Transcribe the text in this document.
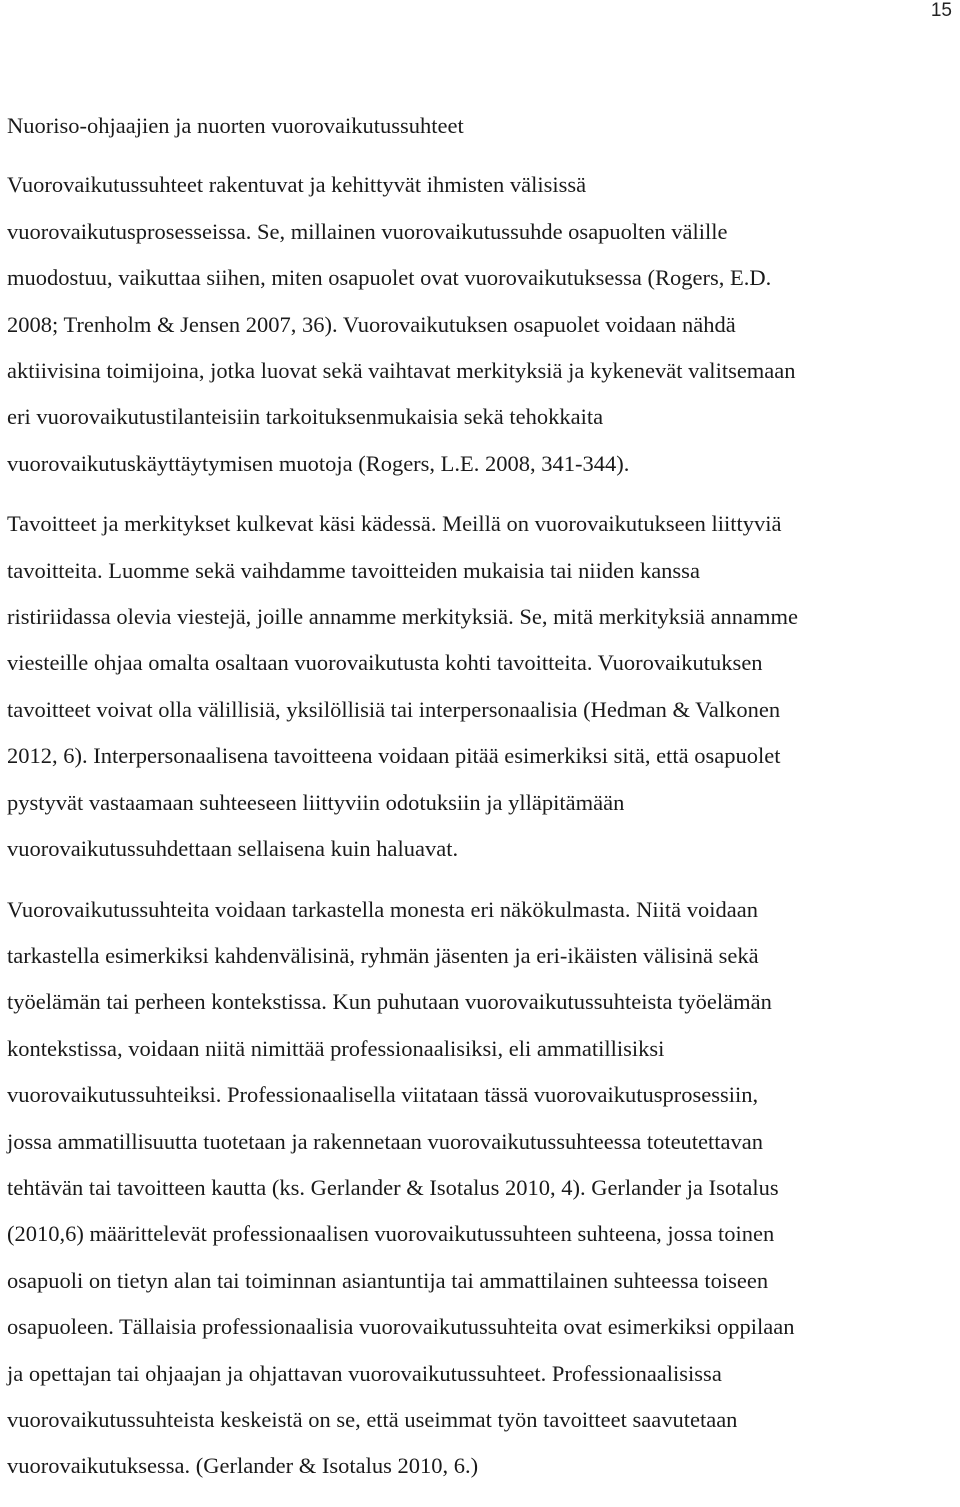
15
Nuoriso-ohjaajien ja nuorten vuorovaikutussuhteet

Vuorovaikutussuhteet rakentuvat ja kehittyvät ihmisten välisissä
vuorovaikutusprosesseissa. Se, millainen vuorovaikutussuhde osapuolten välille
muodostuu, vaikuttaa siihen, miten osapuolet ovat vuorovaikutuksessa (Rogers, E.D.
2008; Trenholm & Jensen 2007, 36). Vuorovaikutuksen osapuolet voidaan nähdä
aktiivisina toimijoina, jotka luovat sekä vaihtavat merkityksiä ja kykenevät valitsemaan
eri vuorovaikutustilanteisiin tarkoituksenmukaisia sekä tehokkaita
vuorovaikutuskäyttäytymisen muotoja (Rogers, L.E. 2008, 341-344).

Tavoitteet ja merkitykset kulkevat käsi kädessä. Meillä on vuorovaikutukseen liittyviä
tavoitteita. Luomme sekä vaihdamme tavoitteiden mukaisia tai niiden kanssa
ristiriidassa olevia viestejä, joille annamme merkityksiä. Se, mitä merkityksiä annamme
viesteille ohjaa omalta osaltaan vuorovaikutusta kohti tavoitteita. Vuorovaikutuksen
tavoitteet voivat olla välillisiä, yksilöllisiä tai interpersonaalisia (Hedman & Valkonen
2012, 6). Interpersonaalisena tavoitteena voidaan pitää esimerkiksi sitä, että osapuolet
pystyvät vastaamaan suhteeseen liittyviin odotuksiin ja ylläpitämään
vuorovaikutussuhdettaan sellaisena kuin haluavat.

Vuorovaikutussuhteita voidaan tarkastella monesta eri näkökulmasta. Niitä voidaan
tarkastella esimerkiksi kahdenvälisinä, ryhmän jäsenten ja eri-ikäisten välisinä sekä
työelämän tai perheen kontekstissa. Kun puhutaan vuorovaikutussuhteista työelämän
kontekstissa, voidaan niitä nimittää professionaalisiksi, eli ammatillisiksi
vuorovaikutussuhteiksi. Professionaalisella viitataan tässä vuorovaikutusprosessiin,
jossa ammatillisuutta tuotetaan ja rakennetaan vuorovaikutussuhteessa toteutettavan
tehtävän tai tavoitteen kautta (ks. Gerlander & Isotalus 2010, 4). Gerlander ja Isotalus
(2010,6) määrittelevät professionaalisen vuorovaikutussuhteen suhteena, jossa toinen
osapuoli on tietyn alan tai toiminnan asiantuntija tai ammattilainen suhteessa toiseen
osapuoleen. Tällaisia professionaalisia vuorovaikutussuhteita ovat esimerkiksi oppilaan
ja opettajan tai ohjaajan ja ohjattavan vuorovaikutussuhteet. Professionaalisissa
vuorovaikutussuhteista keskeistä on se, että useimmat työn tavoitteet saavutetaan
vuorovaikutuksessa. (Gerlander & Isotalus 2010, 6.)
